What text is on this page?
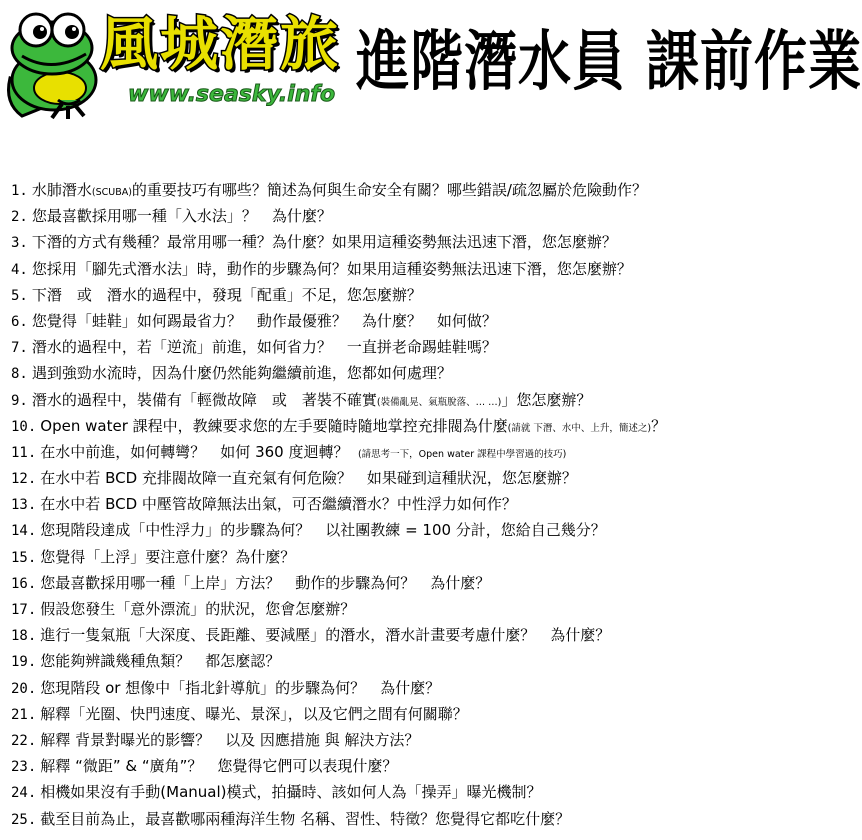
風城潛旅
www.seasky.info 進階潛水員 課前作業
1. 水肺潛水(SCUBA)的重要技巧有哪些？簡述為何與生命安全有關？哪些錯誤/疏忽屬於危險動作？
2. 您最喜歡採用哪一種「入水法」？　為什麼？
3. 下潛的方式有幾種？最常用哪一種？為什麼？如果用這種姿勢無法迅速下潛，您怎麼辦？
4. 您採用「腳先式潛水法」時，動作的步驟為何？如果用這種姿勢無法迅速下潛，您怎麼辦？
5. 下潛　或　潛水的過程中，發現「配重」不足，您怎麼辦？
6. 您覺得「蛙鞋」如何踢最省力？　動作最優雅？　為什麼？　如何做？
7. 潛水的過程中，若「逆流」前進，如何省力？　一直拼老命踢蛙鞋嗎？
8. 遇到強勁水流時，因為什麼仍然能夠繼續前進，您都如何處理？
9. 潛水的過程中，裝備有「輕微故障　或　著裝不確實(裝備亂晃、氣瓶脫落、… …)」您怎麼辦？
10. Open water 課程中，教練要求您的左手要隨時隨地掌控充排閥為什麼(請就 下潛、水中、上升，簡述之)？
11. 在水中前進，如何轉彎？　如何 360 度迴轉？　(請思考一下，Open water 課程中學習過的技巧)
12. 在水中若 BCD 充排閥故障一直充氣有何危險？　如果碰到這種狀況，您怎麼辦？
13. 在水中若 BCD 中壓管故障無法出氣，可否繼續潛水？中性浮力如何作？
14. 您現階段達成「中性浮力」的步驟為何？　以社團教練 = 100 分計，您給自己幾分？
15. 您覺得「上浮」要注意什麼？為什麼？
16. 您最喜歡採用哪一種「上岸」方法？　動作的步驟為何？　為什麼？
17. 假設您發生「意外漂流」的狀況，您會怎麼辦？
18. 進行一隻氣瓶「大深度、長距離、要減壓」的潛水，潛水計畫要考慮什麼？　為什麼？
19. 您能夠辨識幾種魚類？　都怎麼認？
20. 您現階段 or 想像中「指北針導航」的步驟為何？　為什麼？
21. 解釋「光圈、快門速度、曝光、景深」，以及它們之間有何關聯？
22. 解釋 背景對曝光的影響？　以及 因應措施 與 解決方法？
23. 解釋 “微距” & “廣角”？　您覺得它們可以表現什麼？
24. 相機如果沒有手動(Manual)模式，拍攝時、該如何人為「操弄」曝光機制？
25. 截至目前為止，最喜歡哪兩種海洋生物 名稱、習性、特徵？您覺得它都吃什麼？
